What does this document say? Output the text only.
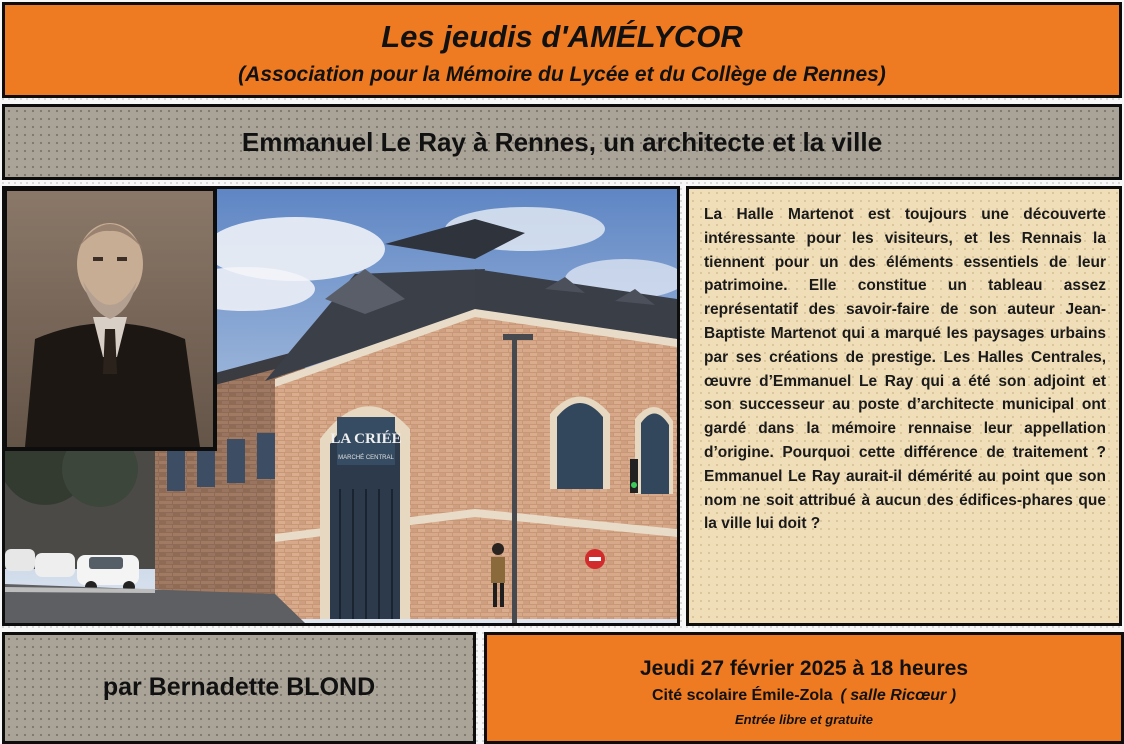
Les jeudis d'AMÉLYCOR
(Association pour la Mémoire du Lycée et du Collège de Rennes)
Emmanuel Le Ray à Rennes, un architecte et la ville
LA CRIÉE
MARCHÉ CENTRAL
La Halle Martenot est toujours une découverte intéressante pour les visiteurs, et les Rennais la tiennent pour un des éléments essentiels de leur patrimoine. Elle constitue un tableau assez représentatif des savoir-faire de son auteur Jean-Baptiste Martenot qui a marqué les paysages urbains par ses créations de prestige. Les Halles Centrales, œuvre d’Emmanuel Le Ray qui a été son adjoint et son successeur au poste d’architecte municipal ont gardé dans la mémoire rennaise leur appellation d’origine. Pourquoi cette différence de traitement ? Emmanuel Le Ray aurait-il démérité au point que son nom ne soit attribué à aucun des édifices-phares que la ville lui doit ?
par Bernadette BLOND
Jeudi 27 février 2025 à 18 heures
Cité scolaire Émile-Zola ( salle Ricœur )
Entrée libre et gratuite
